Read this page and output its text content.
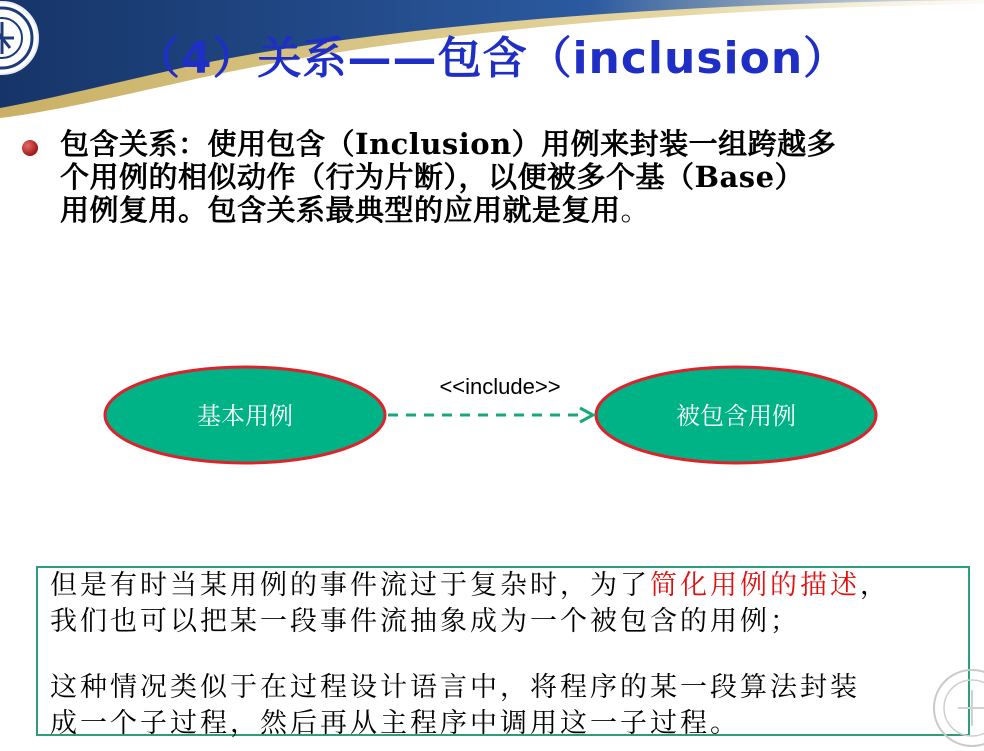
（4）关系——包含（inclusion）
包含关系：使用包含（Inclusion）用例来封装一组跨越多
个用例的相似动作（行为片断），以便被多个基（Base）
用例复用。包含关系最典型的应用就是复用。
基本用例	被包含用例
<<include>>
但是有时当某用例的事件流过于复杂时，为了简化用例的描述，
我们也可以把某一段事件流抽象成为一个被包含的用例；
这种情况类似于在过程设计语言中，将程序的某一段算法封装
成一个子过程，然后再从主程序中调用这一子过程。
